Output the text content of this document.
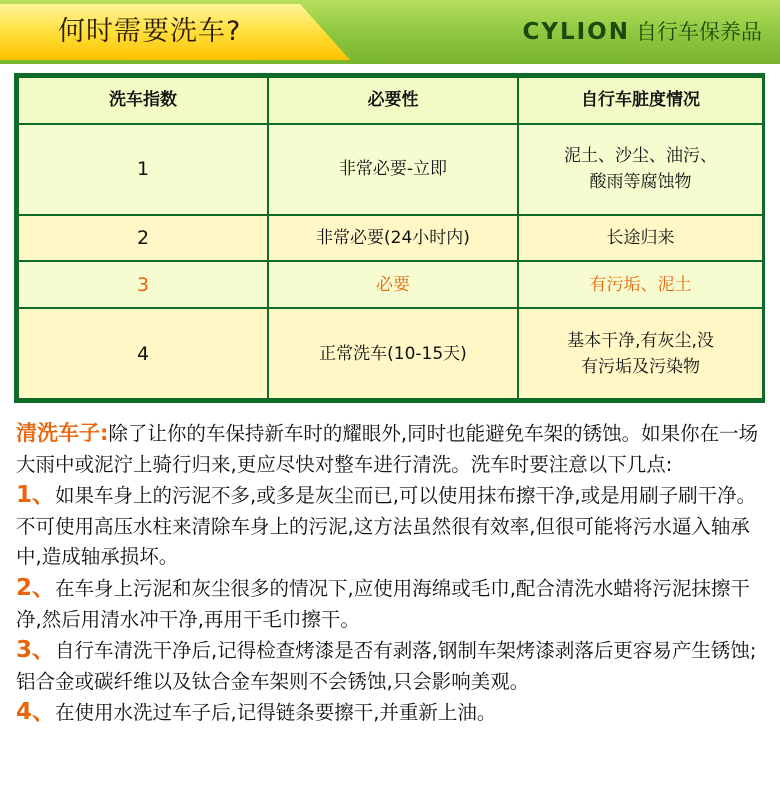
何时需要洗车?	CYLION 自行车保养品
洗车指数	必要性	自行车脏度情况
1	非常必要-立即	泥土、沙尘、油污、
酸雨等腐蚀物

2	非常必要(24小时内)	长途归来

3	必要	有污垢、泥土

4	正常洗车(10-15天)	基本干净,有灰尘,没
有污垢及污染物

清洗车子:除了让你的车保持新车时的耀眼外,同时也能避免车架的锈蚀。如果你在一场大雨中或泥泞上骑行归来,更应尽快对整车进行清洗。洗车时要注意以下几点:

1、如果车身上的污泥不多,或多是灰尘而已,可以使用抹布擦干净,或是用刷子刷干净。 不可使用高压水柱来清除车身上的污泥,这方法虽然很有效率,但很可能将污水逼入轴承中,造成轴承损坏。

2、在车身上污泥和灰尘很多的情况下,应使用海绵或毛巾,配合清洗水蜡将污泥抹擦干净,然后用清水冲干净,再用干毛巾擦干。

3、自行车清洗干净后,记得检查烤漆是否有剥落,钢制车架烤漆剥落后更容易产生锈蚀;铝合金或碳纤维以及钛合金车架则不会锈蚀,只会影响美观。

4、在使用水洗过车子后,记得链条要擦干,并重新上油。
